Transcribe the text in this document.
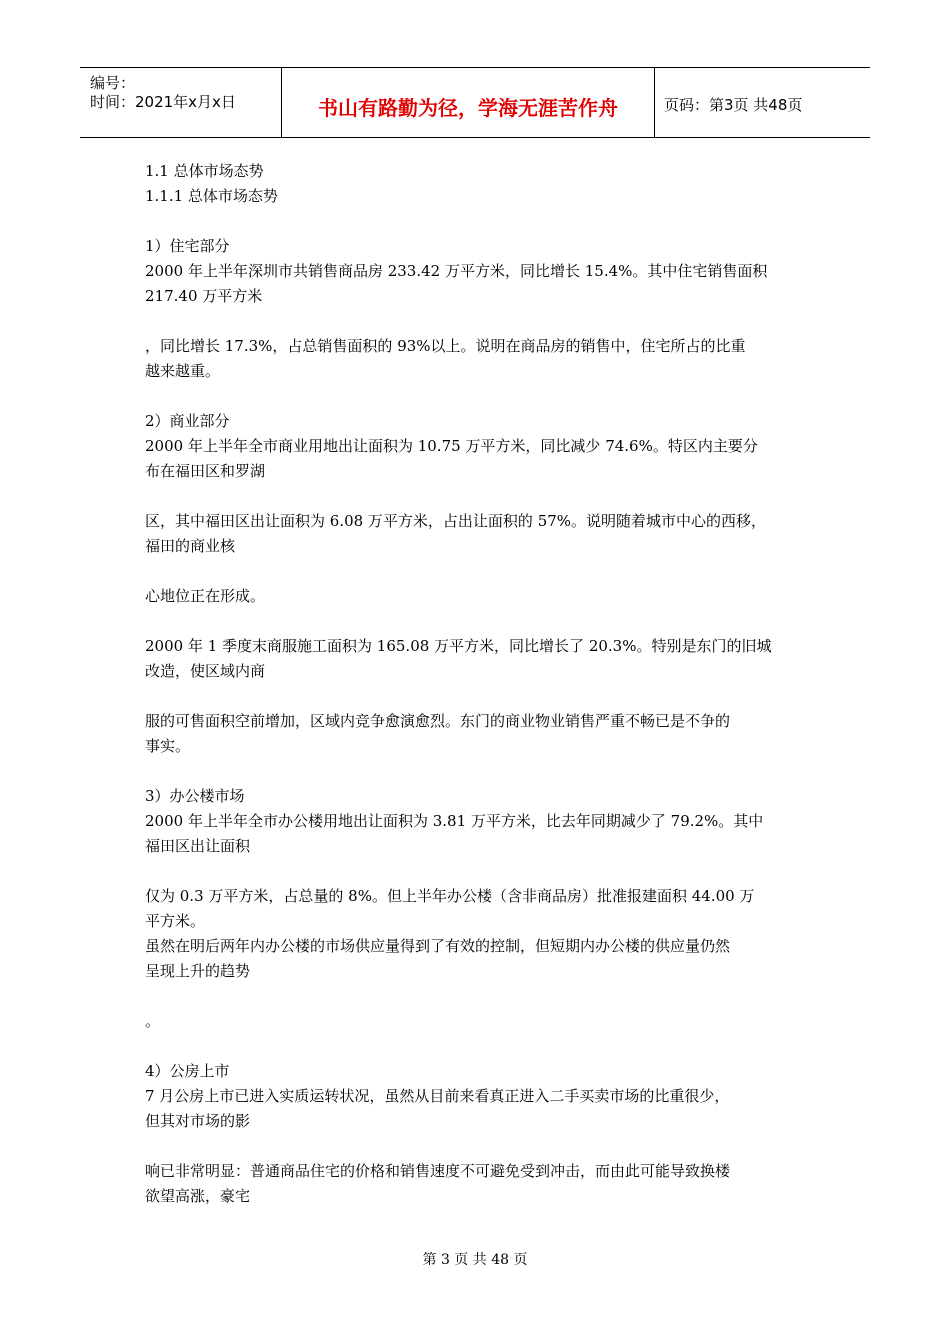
编号：
时间：2021年x月x日	书山有路勤为径，学海无涯苦作舟	页码：第3页 共48页
1.1 总体市场态势
1.1.1 总体市场态势
1）住宅部分
2000 年上半年深圳市共销售商品房 233.42 万平方米，同比增长 15.4%。其中住宅销售面积
217.40 万平方米
，同比增长 17.3%，占总销售面积的 93%以上。说明在商品房的销售中，住宅所占的比重
越来越重。
2）商业部分
2000 年上半年全市商业用地出让面积为 10.75 万平方米，同比减少 74.6%。特区内主要分
布在福田区和罗湖
区，其中福田区出让面积为 6.08 万平方米，占出让面积的 57%。说明随着城市中心的西移，
福田的商业核
心地位正在形成。
2000 年 1 季度末商服施工面积为 165.08 万平方米，同比增长了 20.3%。特别是东门的旧城
改造，使区域内商
服的可售面积空前增加，区域内竞争愈演愈烈。东门的商业物业销售严重不畅已是不争的
事实。
3）办公楼市场
2000 年上半年全市办公楼用地出让面积为 3.81 万平方米，比去年同期减少了 79.2%。其中
福田区出让面积
仅为 0.3 万平方米，占总量的 8%。但上半年办公楼（含非商品房）批准报建面积 44.00 万
平方米。
虽然在明后两年内办公楼的市场供应量得到了有效的控制，但短期内办公楼的供应量仍然
呈现上升的趋势
。
4）公房上市
7 月公房上市已进入实质运转状况，虽然从目前来看真正进入二手买卖市场的比重很少，
但其对市场的影
响已非常明显：普通商品住宅的价格和销售速度不可避免受到冲击，而由此可能导致换楼
欲望高涨，豪宅
第 3 页 共 48 页
